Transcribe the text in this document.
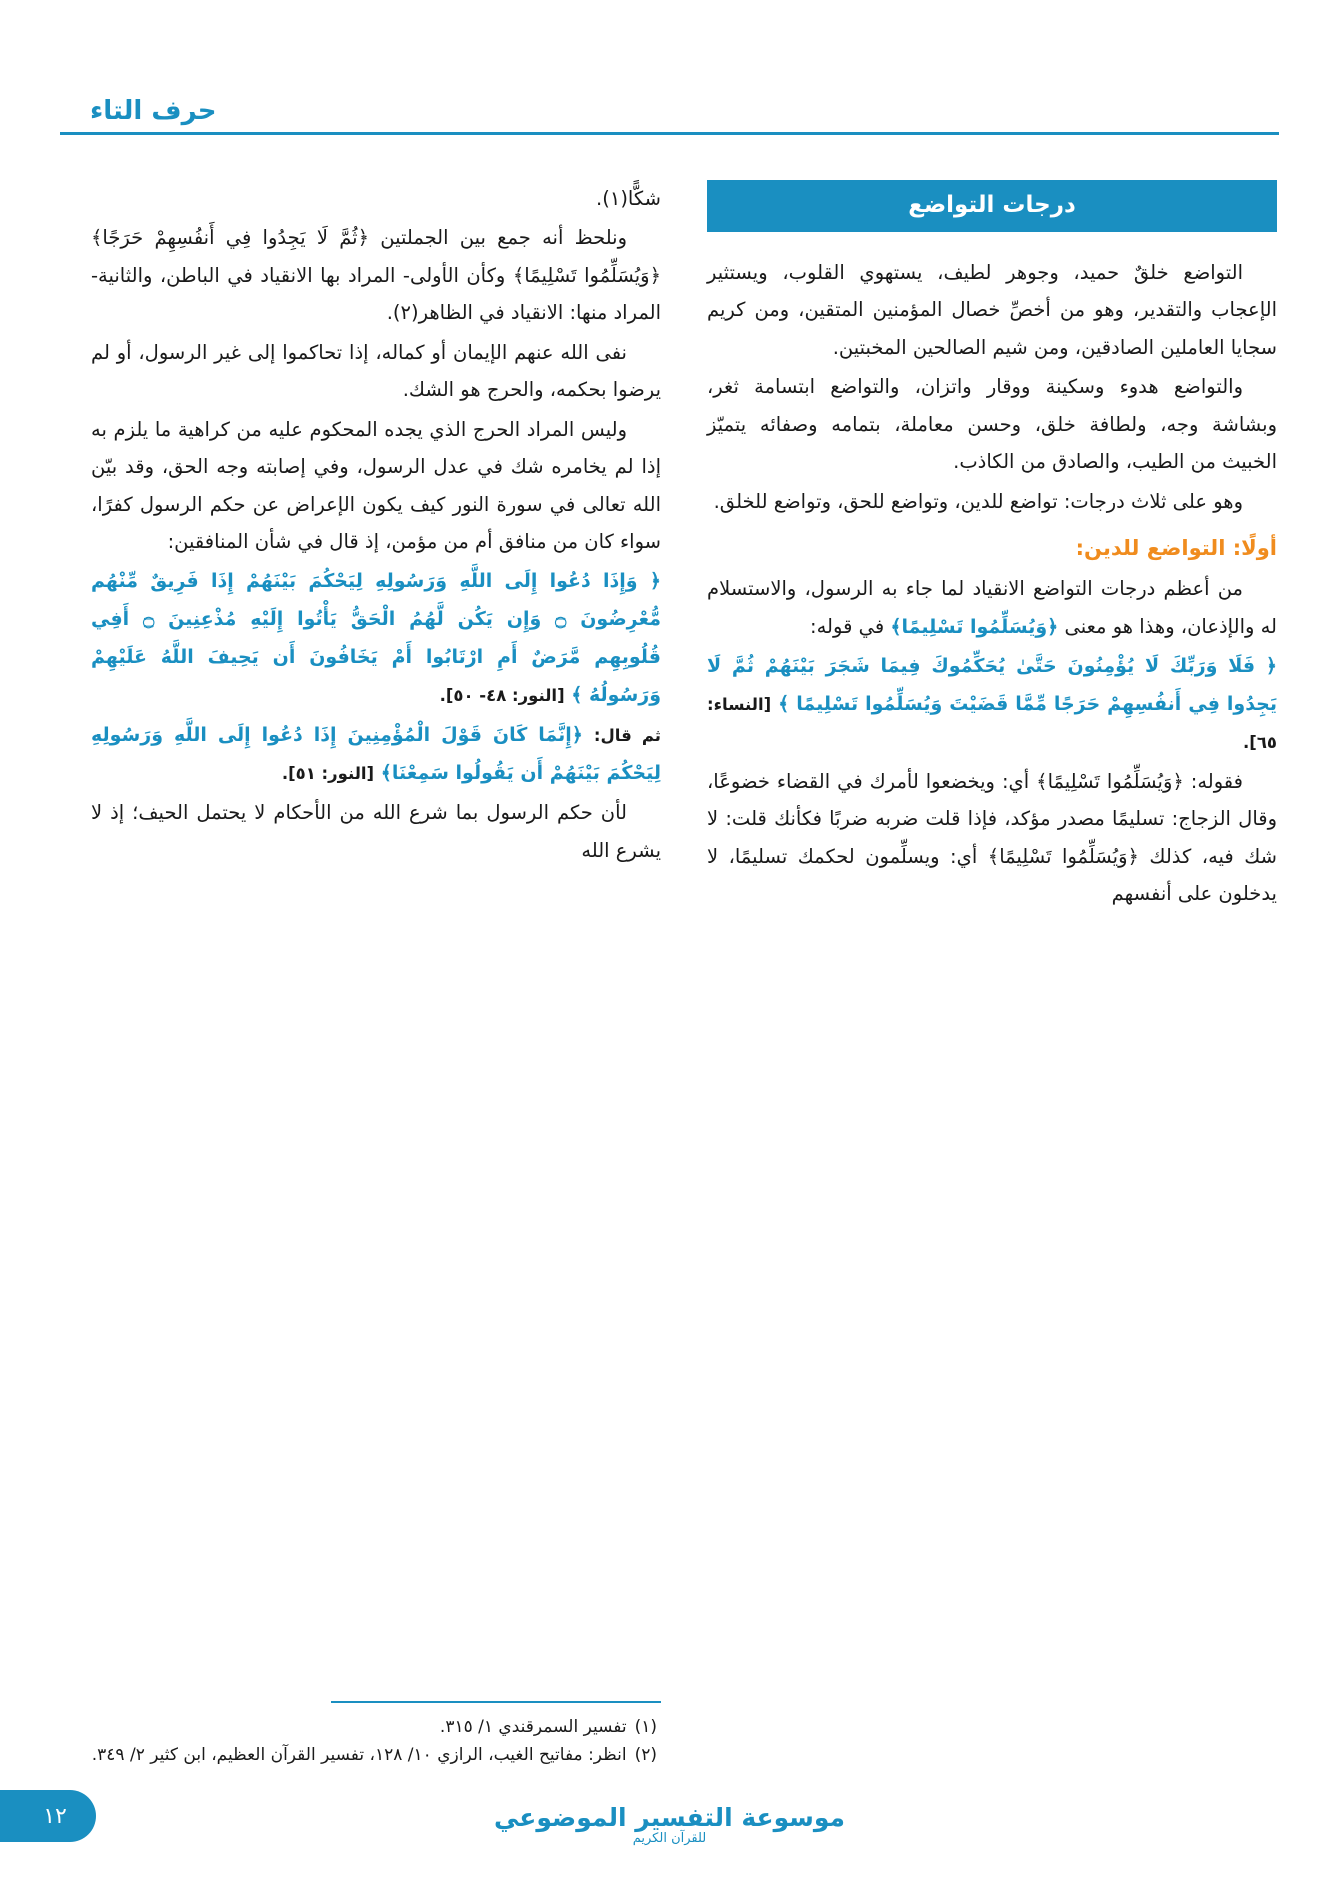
حرف التاء
درجات التواضع

التواضع خلقٌ حميد، وجوهر لطيف، يستهوي القلوب، ويستثير الإعجاب والتقدير، وهو من أخصِّ خصال المؤمنين المتقين، ومن كريم سجايا العاملين الصادقين، ومن شيم الصالحين المخبتين.

والتواضع هدوء وسكينة ووقار واتزان، والتواضع ابتسامة ثغر، وبشاشة وجه، ولطافة خلق، وحسن معاملة، بتمامه وصفائه يتميّز الخبيث من الطيب، والصادق من الكاذب.

وهو على ثلاث درجات: تواضع للدين، وتواضع للحق، وتواضع للخلق.

أولًا: التواضع للدين:

من أعظم درجات التواضع الانقياد لما جاء به الرسول، والاستسلام له والإذعان، وهذا هو معنى ﴿وَيُسَلِّمُوا تَسْلِيمًا﴾ في قوله:

﴿ فَلَا وَرَبِّكَ لَا يُؤْمِنُونَ حَتَّىٰ يُحَكِّمُوكَ فِيمَا شَجَرَ بَيْنَهُمْ ثُمَّ لَا يَجِدُوا فِي أَنفُسِهِمْ حَرَجًا مِّمَّا قَضَيْتَ وَيُسَلِّمُوا تَسْلِيمًا ﴾ [النساء: ٦٥].

فقوله: ﴿وَيُسَلِّمُوا تَسْلِيمًا﴾ أي: ويخضعوا لأمرك في القضاء خضوعًا، وقال الزجاج: تسليمًا مصدر مؤكد، فإذا قلت ضربه ضربًا فكأنك قلت: لا شك فيه، كذلك ﴿وَيُسَلِّمُوا تَسْلِيمًا﴾ أي: ويسلِّمون لحكمك تسليمًا، لا يدخلون على أنفسهم

شكًّا(١).

ونلحظ أنه جمع بين الجملتين ﴿ثُمَّ لَا يَجِدُوا فِي أَنفُسِهِمْ حَرَجًا﴾ ﴿وَيُسَلِّمُوا تَسْلِيمًا﴾ وكأن الأولى- المراد بها الانقياد في الباطن، والثانية- المراد منها: الانقياد في الظاهر(٢).

نفى الله عنهم الإيمان أو كماله، إذا تحاكموا إلى غير الرسول، أو لم يرضوا بحكمه، والحرج هو الشك.

وليس المراد الحرج الذي يجده المحكوم عليه من كراهية ما يلزم به إذا لم يخامره شك في عدل الرسول، وفي إصابته وجه الحق، وقد بيّن الله تعالى في سورة النور كيف يكون الإعراض عن حكم الرسول كفرًا، سواء كان من منافق أم من مؤمن، إذ قال في شأن المنافقين:

﴿ وَإِذَا دُعُوا إِلَى اللَّهِ وَرَسُولِهِ لِيَحْكُمَ بَيْنَهُمْ إِذَا فَرِيقٌ مِّنْهُم مُّعْرِضُونَ ۝ وَإِن يَكُن لَّهُمُ الْحَقُّ يَأْتُوا إِلَيْهِ مُذْعِنِينَ ۝ أَفِي قُلُوبِهِم مَّرَضٌ أَمِ ارْتَابُوا أَمْ يَخَافُونَ أَن يَحِيفَ اللَّهُ عَلَيْهِمْ وَرَسُولُهُ ﴾ [النور: ٤٨- ٥٠].

ثم قال: ﴿إِنَّمَا كَانَ قَوْلَ الْمُؤْمِنِينَ إِذَا دُعُوا إِلَى اللَّهِ وَرَسُولِهِ لِيَحْكُمَ بَيْنَهُمْ أَن يَقُولُوا سَمِعْنَا﴾ [النور: ٥١].

لأن حكم الرسول بما شرع الله من الأحكام لا يحتمل الحيف؛ إذ لا يشرع الله

(١)تفسير السمرقندي ١/ ٣١٥.

(٢)انظر: مفاتيح الغيب، الرازي ١٠/ ١٢٨، تفسير القرآن العظيم، ابن كثير ٢/ ٣٤٩.

موسوعة التفسير الموضوعي
للقرآن الكريم
١٢
